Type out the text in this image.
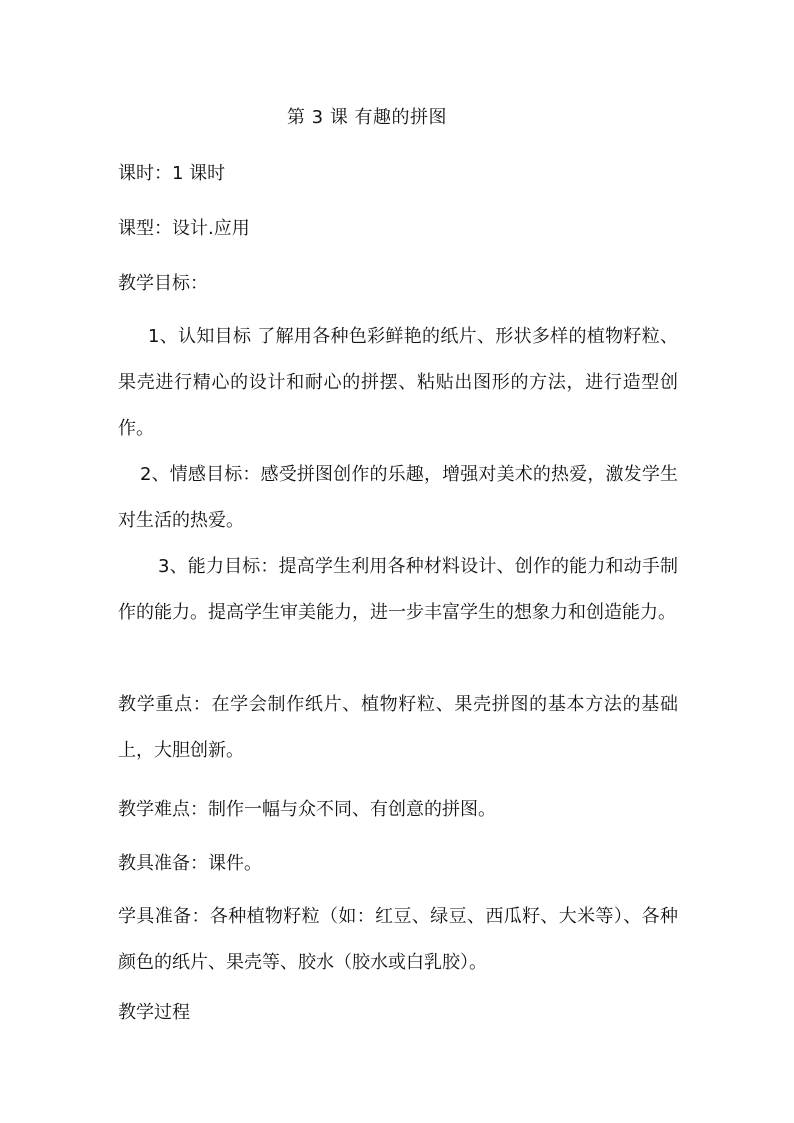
第 3 课 有趣的拼图
课时：1 课时
课型：设计.应用
教学目标：
1、认知目标 了解用各种色彩鲜艳的纸片、形状多样的植物籽粒、果壳进行精心的设计和耐心的拼摆、粘贴出图形的方法，进行造型创作。
2、情感目标：感受拼图创作的乐趣，增强对美术的热爱，激发学生对生活的热爱。
3、能力目标：提高学生利用各种材料设计、创作的能力和动手制作的能力。提高学生审美能力，进一步丰富学生的想象力和创造能力。
教学重点：在学会制作纸片、植物籽粒、果壳拼图的基本方法的基础上，大胆创新。
教学难点：制作一幅与众不同、有创意的拼图。
教具准备：课件。
学具准备：各种植物籽粒（如：红豆、绿豆、西瓜籽、大米等）、各种颜色的纸片、果壳等、胶水（胶水或白乳胶）。
教学过程
